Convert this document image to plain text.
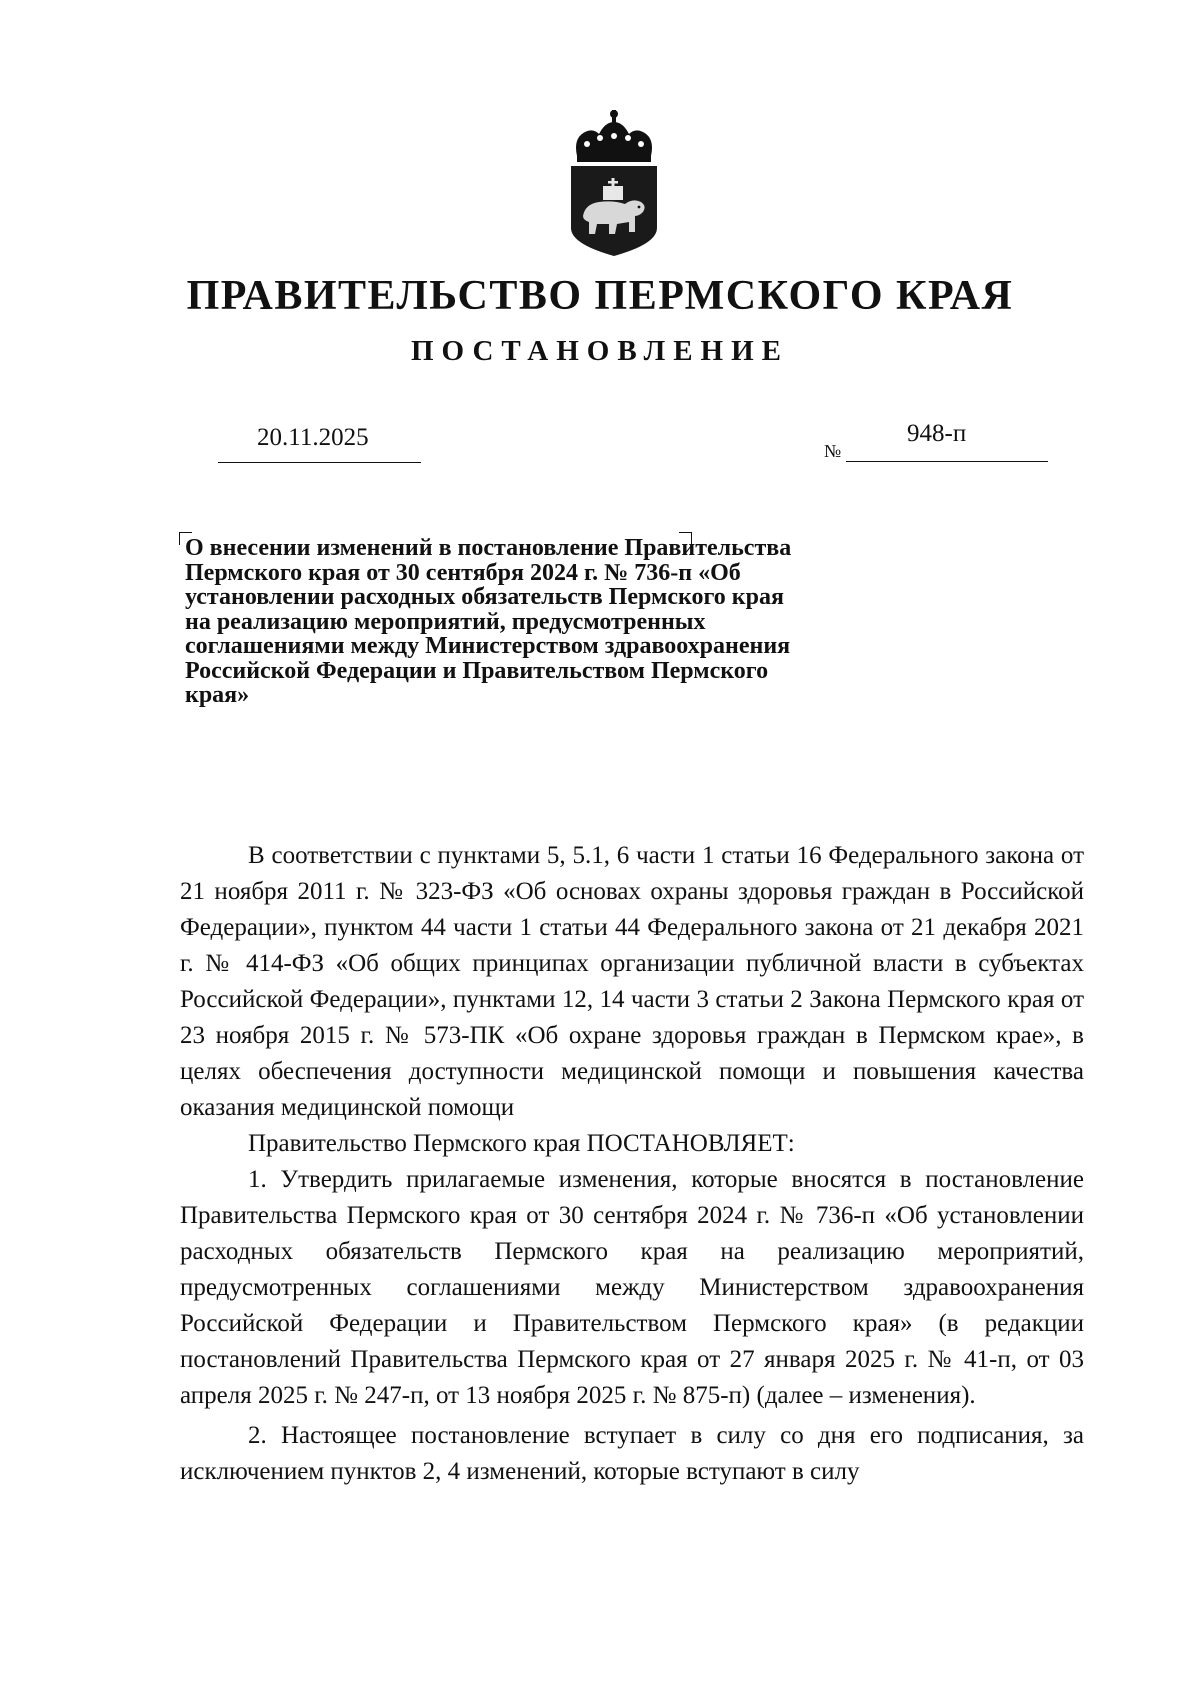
ПРАВИТЕЛЬСТВО ПЕРМСКОГО КРАЯ
ПОСТАНОВЛЕНИЕ
20.11.2025	№
948-п

О внесении изменений в постановление Правительства Пермского края от 30 сентября 2024 г. № 736-п «Об установлении расходных обязательств Пермского края на реализацию мероприятий, предусмотренных соглашениями между Министерством здравоохранения Российской Федерации и Правительством Пермского края»

В соответствии с пунктами 5, 5.1, 6 части 1 статьи 16 Федерального закона от 21 ноября 2011 г. № 323-ФЗ «Об основах охраны здоровья граждан в Российской Федерации», пунктом 44 части 1 статьи 44 Федерального закона от 21 декабря 2021 г. № 414-ФЗ «Об общих принципах организации публичной власти в субъектах Российской Федерации», пунктами 12, 14 части 3 статьи 2 Закона Пермского края от 23 ноября 2015 г. № 573-ПК «Об охране здоровья граждан в Пермском крае», в целях обеспечения доступности медицинской помощи и повышения качества оказания медицинской помощи

Правительство Пермского края ПОСТАНОВЛЯЕТ:

1. Утвердить прилагаемые изменения, которые вносятся в постановление Правительства Пермского края от 30 сентября 2024 г. № 736-п «Об установлении расходных обязательств Пермского края на реализацию мероприятий, предусмотренных соглашениями между Министерством здравоохранения Российской Федерации и Правительством Пермского края» (в редакции постановлений Правительства Пермского края от 27 января 2025 г. № 41-п, от 03 апреля 2025 г. № 247-п, от 13 ноября 2025 г. № 875-п) (далее – изменения).

2. Настоящее постановление вступает в силу со дня его подписания, за исключением пунктов 2, 4 изменений, которые вступают в силу
